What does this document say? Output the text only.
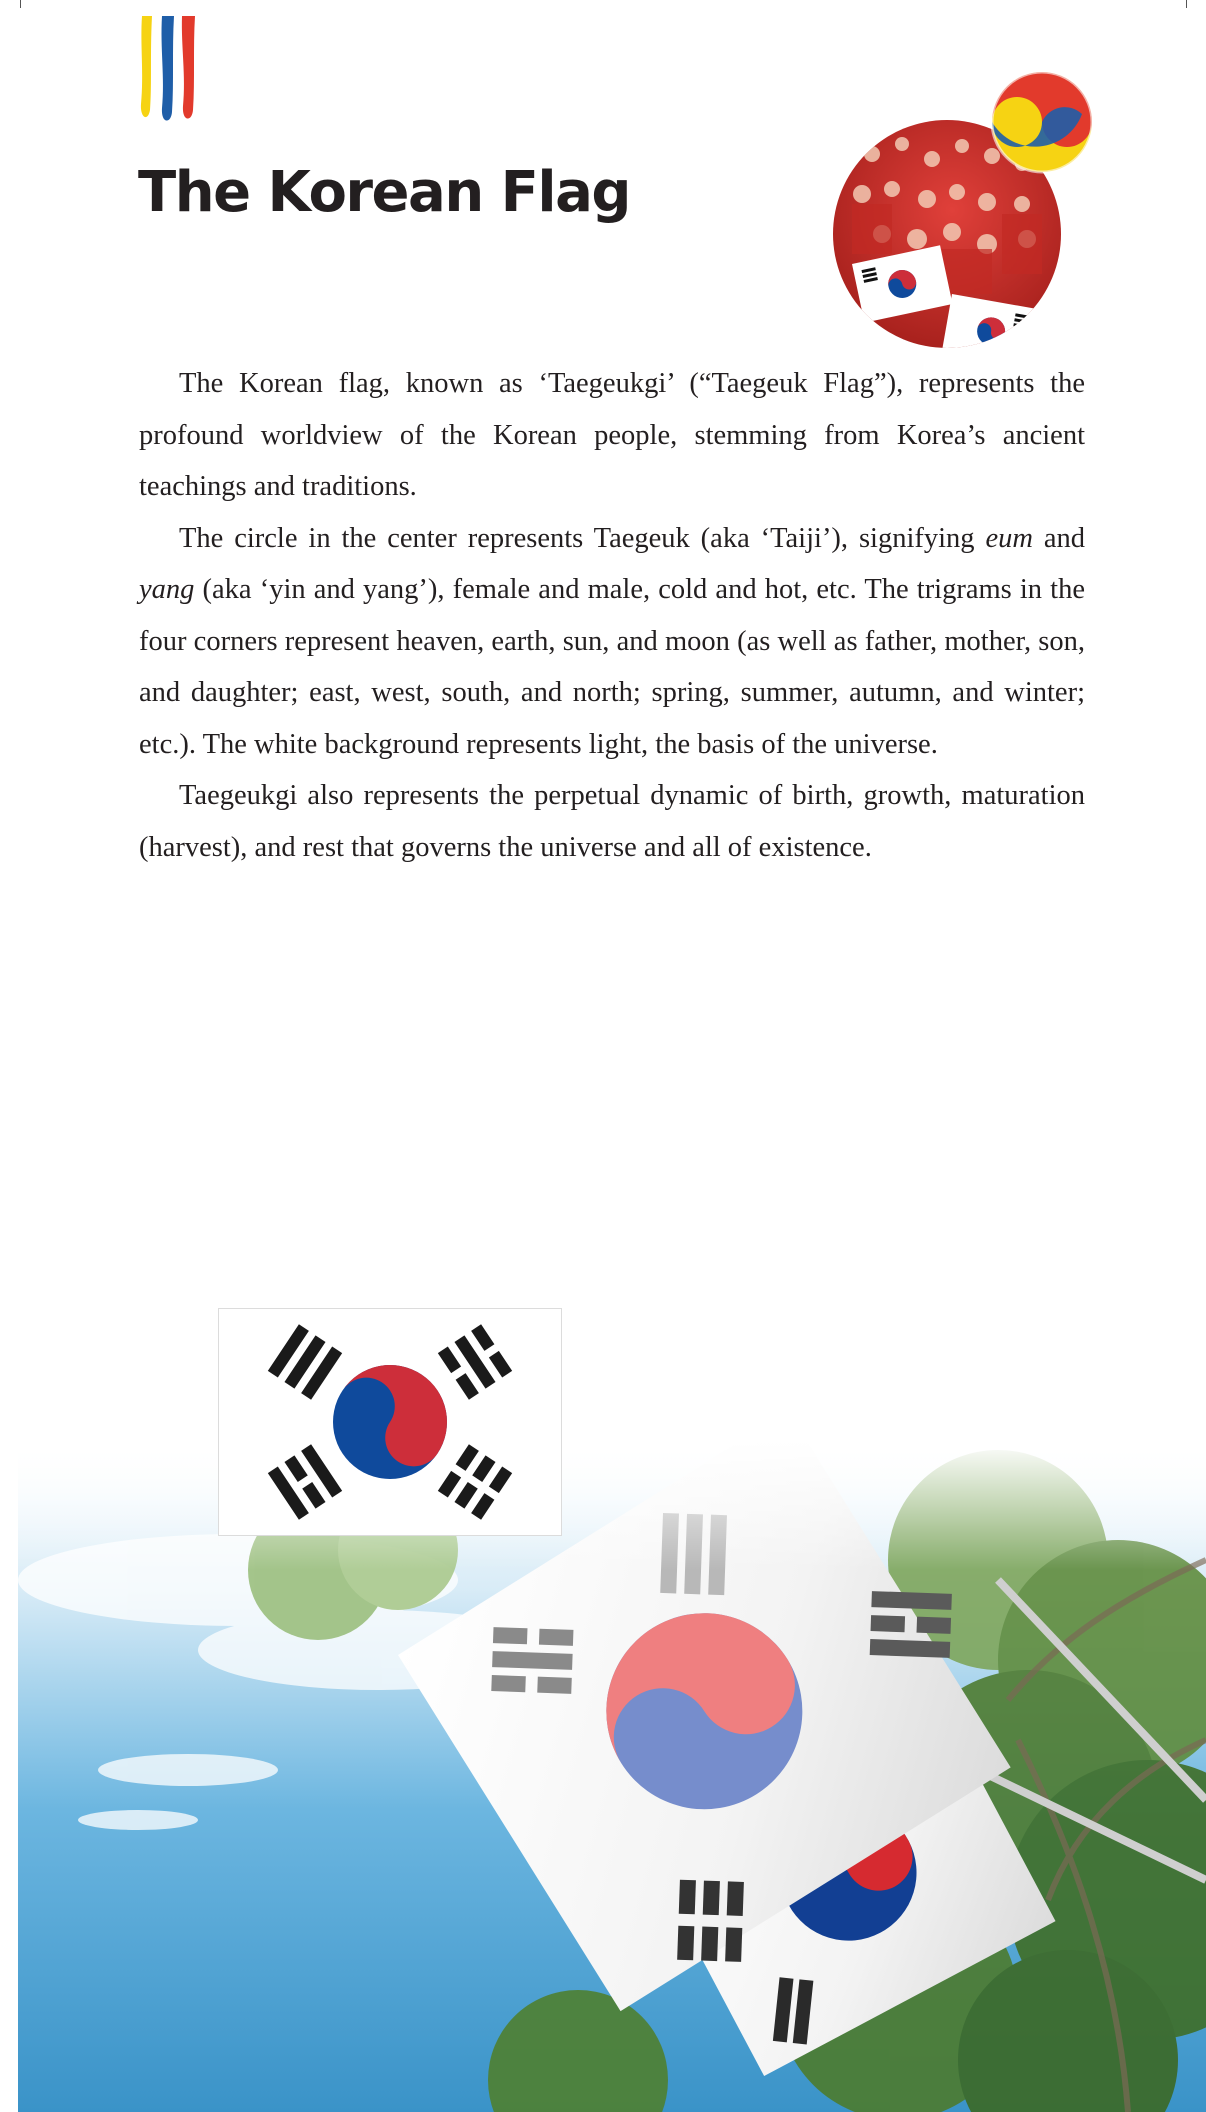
The Korean Flag

The Korean flag, known as ‘Taegeukgi’ (“Taegeuk Flag”), represents the profound worldview of the Korean people, stemming from Korea’s ancient teachings and traditions.

The circle in the center represents Taegeuk (aka ‘Taiji’), signifying eum and yang (aka ‘yin and yang’), female and male, cold and hot, etc. The trigrams in the four corners represent heaven, earth, sun, and moon (as well as father, mother, son, and daughter; east, west, south, and north; spring, summer, autumn, and winter; etc.). The white background represents light, the basis of the universe.

Taegeukgi also represents the perpetual dynamic of birth, growth, maturation (harvest), and rest that governs the universe and all of existence.
